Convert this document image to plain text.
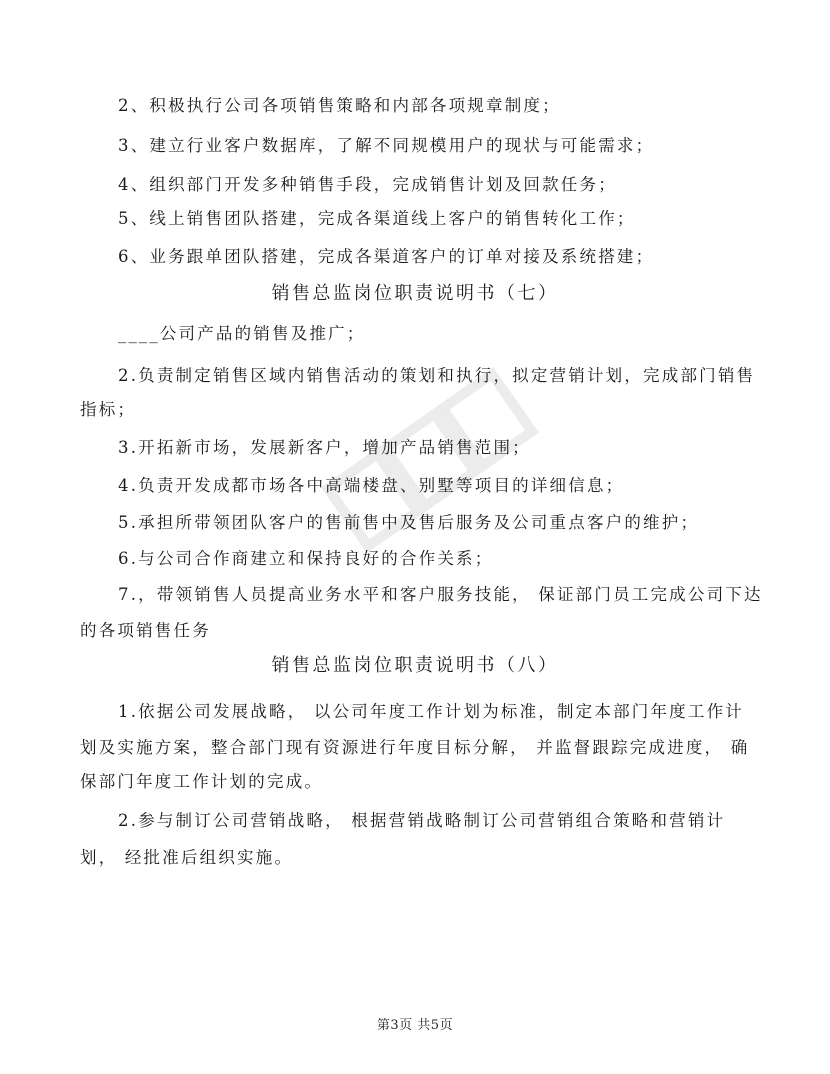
2、积极执行公司各项销售策略和内部各项规章制度；
3、建立行业客户数据库，了解不同规模用户的现状与可能需求；
4、组织部门开发多种销售手段，完成销售计划及回款任务；
5、线上销售团队搭建，完成各渠道线上客户的销售转化工作；
6、业务跟单团队搭建，完成各渠道客户的订单对接及系统搭建；
销售总监岗位职责说明书（七）
____公司产品的销售及推广；
2.负责制定销售区域内销售活动的策划和执行，拟定营销计划，完成部门销售
指标；
3.开拓新市场，发展新客户，增加产品销售范围；
4.负责开发成都市场各中高端楼盘、别墅等项目的详细信息；
5.承担所带领团队客户的售前售中及售后服务及公司重点客户的维护；
6.与公司合作商建立和保持良好的合作关系；
7.，带领销售人员提高业务水平和客户服务技能， 保证部门员工完成公司下达
的各项销售任务
销售总监岗位职责说明书（八）
1.依据公司发展战略， 以公司年度工作计划为标准，制定本部门年度工作计
划及实施方案，整合部门现有资源进行年度目标分解， 并监督跟踪完成进度， 确
保部门年度工作计划的完成。
2.参与制订公司营销战略， 根据营销战略制订公司营销组合策略和营销计
划， 经批准后组织实施。
第3页 共5页
